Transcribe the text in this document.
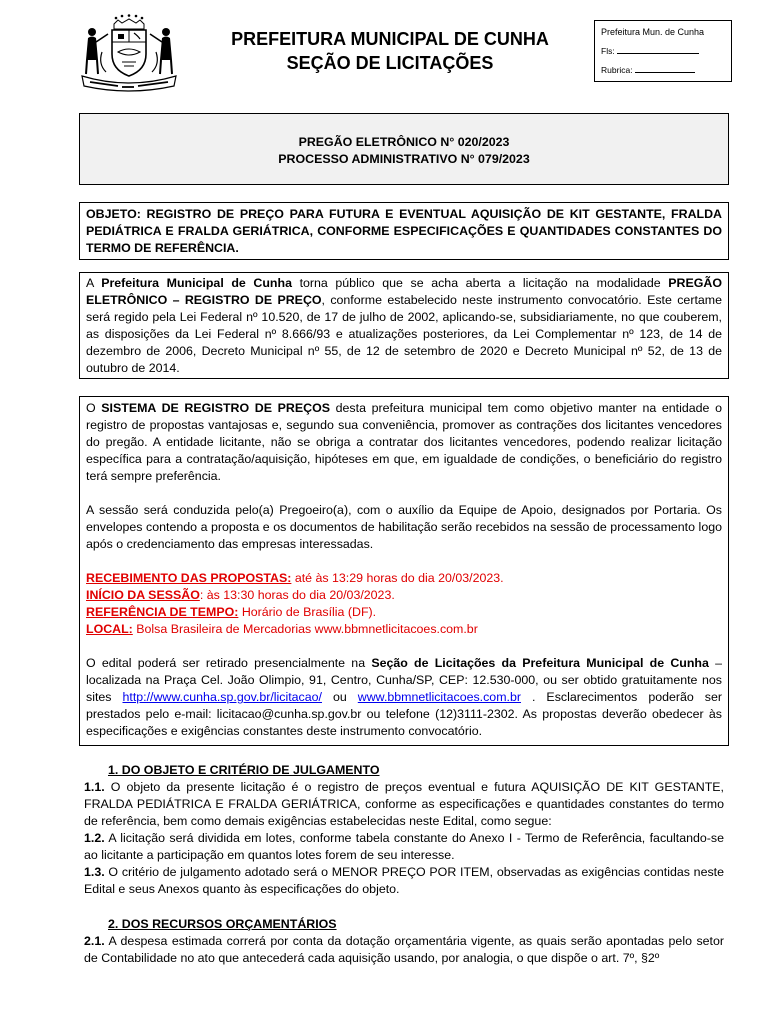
PREFEITURA MUNICIPAL DE CUNHA
SEÇÃO DE LICITAÇÕES
Prefeitura Mun. de Cunha
Fls:
Rubrica:
PREGÃO ELETRÔNICO N° 020/2023
PROCESSO ADMINISTRATIVO N° 079/2023
OBJETO: REGISTRO DE PREÇO PARA FUTURA E EVENTUAL AQUISIÇÃO DE KIT GESTANTE, FRALDA PEDIÁTRICA E FRALDA GERIÁTRICA, CONFORME ESPECIFICAÇÕES E QUANTIDADES CONSTANTES DO TERMO DE REFERÊNCIA.
A Prefeitura Municipal de Cunha torna público que se acha aberta a licitação na modalidade PREGÃO ELETRÔNICO – REGISTRO DE PREÇO, conforme estabelecido neste instrumento convocatório. Este certame será regido pela Lei Federal nº 10.520, de 17 de julho de 2002, aplicando-se, subsidiariamente, no que couberem, as disposições da Lei Federal nº 8.666/93 e atualizações posteriores, da Lei Complementar nº 123, de 14 de dezembro de 2006, Decreto Municipal nº 55, de 12 de setembro de 2020 e Decreto Municipal nº 52, de 13 de outubro de 2014.

O SISTEMA DE REGISTRO DE PREÇOS desta prefeitura municipal tem como objetivo manter na entidade o registro de propostas vantajosas e, segundo sua conveniência, promover as contrações dos licitantes vencedores do pregão. A entidade licitante, não se obriga a contratar dos licitantes vencedores, podendo realizar licitação específica para a contratação/aquisição, hipóteses em que, em igualdade de condições, o beneficiário do registro terá sempre preferência.

A sessão será conduzida pelo(a) Pregoeiro(a), com o auxílio da Equipe de Apoio, designados por Portaria. Os envelopes contendo a proposta e os documentos de habilitação serão recebidos na sessão de processamento logo após o credenciamento das empresas interessadas.

RECEBIMENTO DAS PROPOSTAS: até às 13:29 horas do dia 20/03/2023.
INÍCIO DA SESSÃO: às 13:30 horas do dia 20/03/2023.
REFERÊNCIA DE TEMPO: Horário de Brasília (DF).
LOCAL: Bolsa Brasileira de Mercadorias www.bbmnetlicitacoes.com.br

O edital poderá ser retirado presencialmente na Seção de Licitações da Prefeitura Municipal de Cunha – localizada na Praça Cel. João Olimpio, 91, Centro, Cunha/SP, CEP: 12.530-000, ou ser obtido gratuitamente nos sites http://www.cunha.sp.gov.br/licitacao/ ou www.bbmnetlicitacoes.com.br . Esclarecimentos poderão ser prestados pelo e-mail: licitacao@cunha.sp.gov.br ou telefone (12)3111-2302. As propostas deverão obedecer às especificações e exigências constantes deste instrumento convocatório.

1. DO OBJETO E CRITÉRIO DE JULGAMENTO

1.1. O objeto da presente licitação é o registro de preços eventual e futura AQUISIÇÃO DE KIT GESTANTE, FRALDA PEDIÁTRICA E FRALDA GERIÁTRICA, conforme as especificações e quantidades constantes do termo de referência, bem como demais exigências estabelecidas neste Edital, como segue:

1.2. A licitação será dividida em lotes, conforme tabela constante do Anexo I - Termo de Referência, facultando-se ao licitante a participação em quantos lotes forem de seu interesse.

1.3. O critério de julgamento adotado será o MENOR PREÇO POR ITEM, observadas as exigências contidas neste Edital e seus Anexos quanto às especificações do objeto.

2. DOS RECURSOS ORÇAMENTÁRIOS

2.1. A despesa estimada correrá por conta da dotação orçamentária vigente, as quais serão apontadas pelo setor de Contabilidade no ato que antecederá cada aquisição usando, por analogia, o que dispõe o art. 7º, §2º
